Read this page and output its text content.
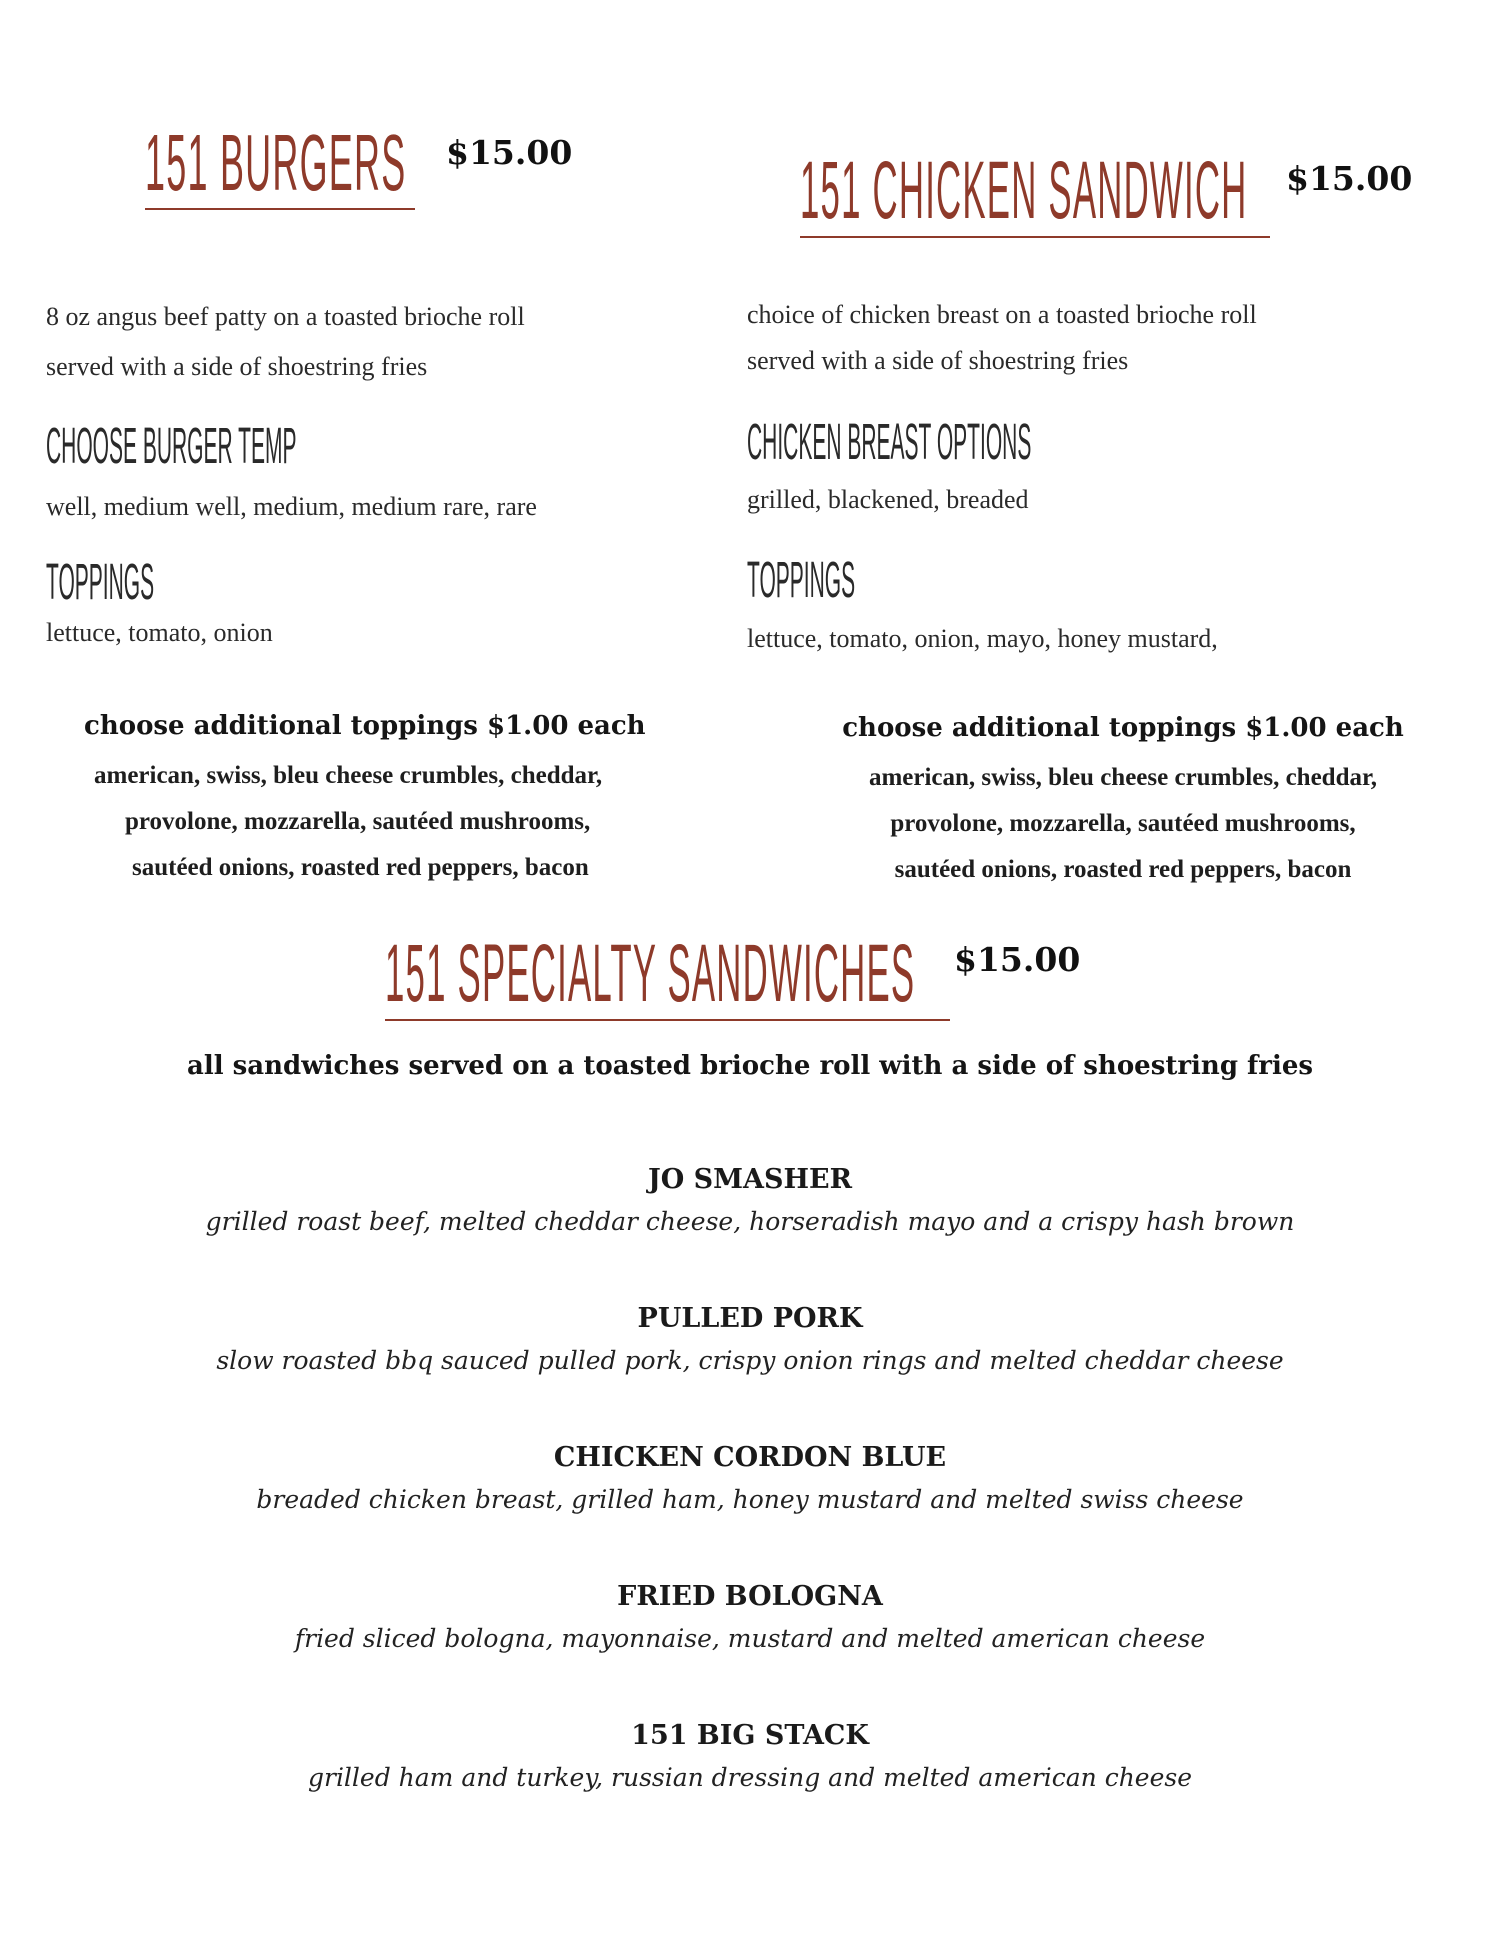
151 BURGERS $15.00
8 oz angus beef patty on a toasted brioche roll
served with a side of shoestring fries
CHOOSE BURGER TEMP
well, medium well, medium, medium rare, rare
TOPPINGS
lettuce, tomato, onion
choose additional toppings $1.00 each
american, swiss, bleu cheese crumbles, cheddar,
provolone, mozzarella, sautéed mushrooms,
sautéed onions, roasted red peppers, bacon
151 CHICKEN SANDWICH $15.00
choice of chicken breast on a toasted brioche roll
served with a side of shoestring fries
CHICKEN BREAST OPTIONS
grilled, blackened, breaded
TOPPINGS
lettuce, tomato, onion, mayo, honey mustard,
choose additional toppings $1.00 each
american, swiss, bleu cheese crumbles, cheddar,
provolone, mozzarella, sautéed mushrooms,
sautéed onions, roasted red peppers, bacon
151 SPECIALTY SANDWICHES $15.00
all sandwiches served on a toasted brioche roll with a side of shoestring fries
JO SMASHER
grilled roast beef, melted cheddar cheese, horseradish mayo and a crispy hash brown
PULLED PORK
slow roasted bbq sauced pulled pork, crispy onion rings and melted cheddar cheese
CHICKEN CORDON BLUE
breaded chicken breast, grilled ham, honey mustard and melted swiss cheese
FRIED BOLOGNA
fried sliced bologna, mayonnaise, mustard and melted american cheese
151 BIG STACK
grilled ham and turkey, russian dressing and melted american cheese
